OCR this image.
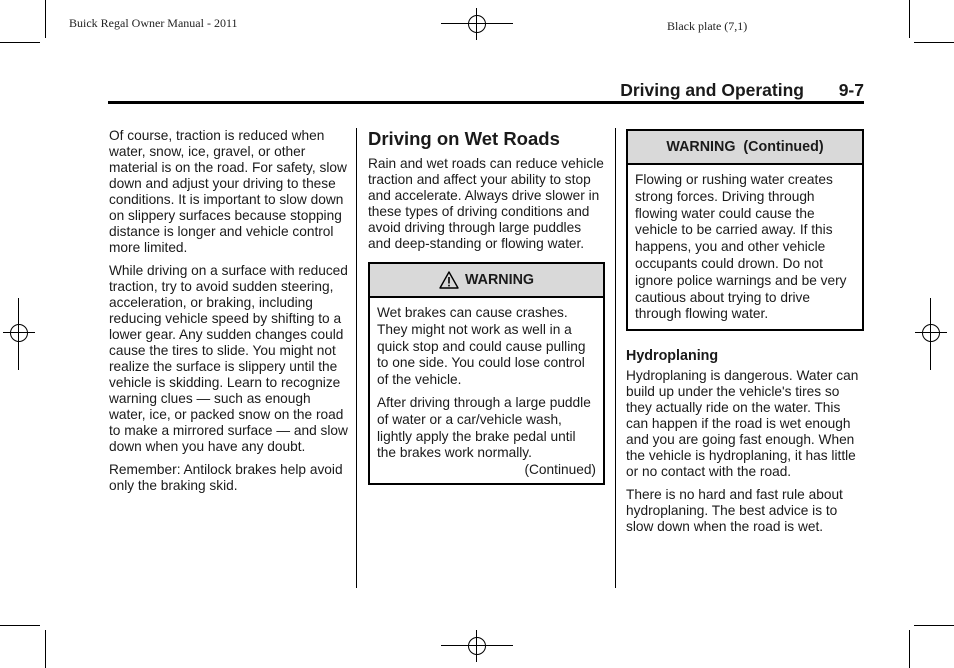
Buick Regal Owner Manual - 2011	Black plate (7,1)
Driving and Operating 9-7

Of course, traction is reduced when water, snow, ice, gravel, or other material is on the road. For safety, slow down and adjust your driving to these conditions. It is important to slow down on slippery surfaces because stopping distance is longer and vehicle control more limited.

While driving on a surface with reduced traction, try to avoid sudden steering, acceleration, or braking, including reducing vehicle speed by shifting to a lower gear. Any sudden changes could cause the tires to slide. You might not realize the surface is slippery until the vehicle is skidding. Learn to recognize warning clues — such as enough water, ice, or packed snow on the road to make a mirrored surface — and slow down when you have any doubt.

Remember: Antilock brakes help avoid only the braking skid.

Driving on Wet Roads

Rain and wet roads can reduce vehicle traction and affect your ability to stop and accelerate. Always drive slower in these types of driving conditions and avoid driving through large puddles and deep-standing or flowing water.

WARNING

Wet brakes can cause crashes. They might not work as well in a quick stop and could cause pulling to one side. You could lose control of the vehicle.

After driving through a large puddle of water or a car/vehicle wash, lightly apply the brake pedal until the brakes work normally.

(Continued)
WARNING  (Continued)
Flowing or rushing water creates strong forces. Driving through flowing water could cause the vehicle to be carried away. If this happens, you and other vehicle occupants could drown. Do not ignore police warnings and be very cautious about trying to drive through flowing water.
Hydroplaning

Hydroplaning is dangerous. Water can build up under the vehicle's tires so they actually ride on the water. This can happen if the road is wet enough and you are going fast enough. When the vehicle is hydroplaning, it has little or no contact with the road.

There is no hard and fast rule about hydroplaning. The best advice is to slow down when the road is wet.
